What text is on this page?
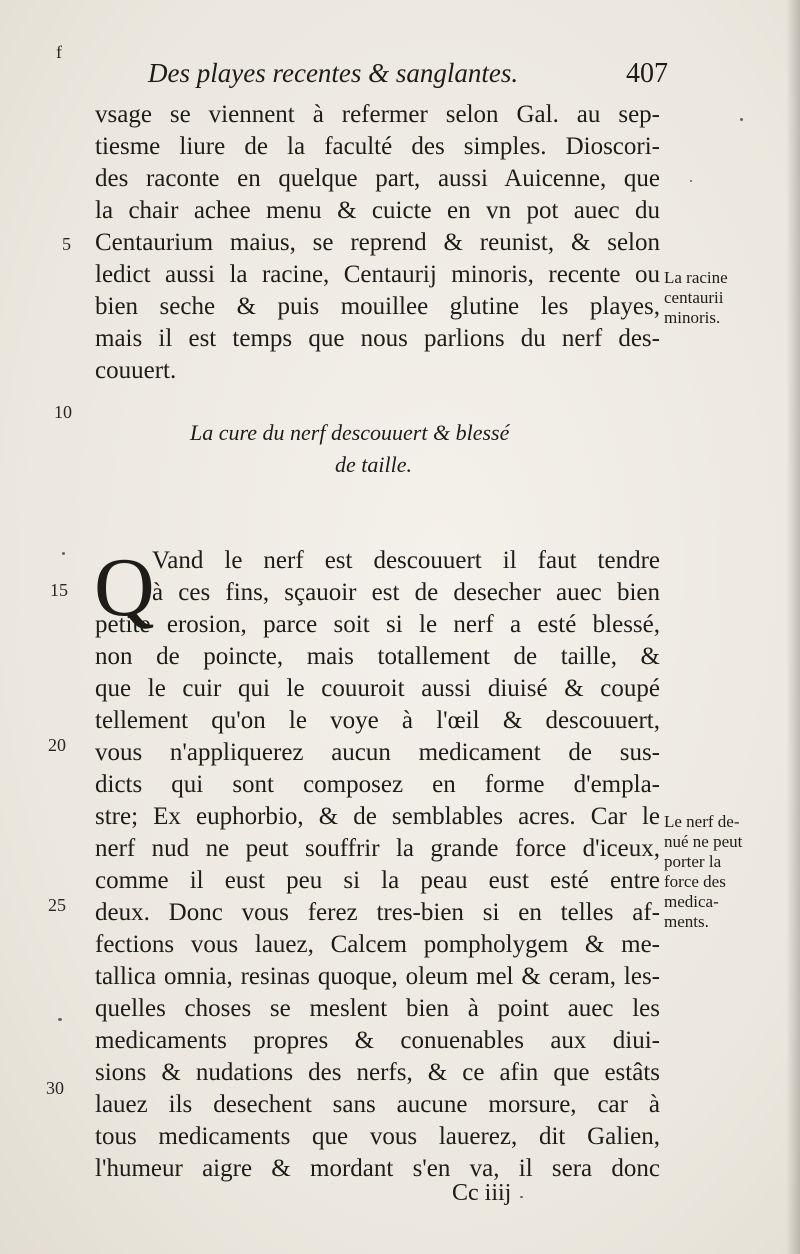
f
Des playes recentes & sanglantes.	407
vsage se viennent à refermer selon Gal. au sep-
tiesme liure de la faculté des simples. Dioscori-
des raconte en quelque part, aussi Auicenne, que
la chair achee menu & cuicte en vn pot auec du
Centaurium maius, se reprend & reunist, & selon
ledict aussi la racine, Centaurij minoris, recente ou
bien seche & puis mouillee glutine les playes,
mais il est temps que nous parlions du nerf des-
couuert.
La cure du nerf descouuert & blessé
de taille.
Q
Vand le nerf est descouuert il faut tendre
à ces fins, sçauoir est de desecher auec bien
petite erosion, parce soit si le nerf a esté blessé,
non de poincte, mais totallement de taille, &
que le cuir qui le couuroit aussi diuisé & coupé
tellement qu'on le voye à l'œil & descouuert,
vous n'appliquerez aucun medicament de sus-
dicts qui sont composez en forme d'empla-
stre; Ex euphorbio, & de semblables acres. Car le
nerf nud ne peut souffrir la grande force d'iceux,
comme il eust peu si la peau eust esté entre
deux. Donc vous ferez tres-bien si en telles af-
fections vous lauez, Calcem pompholygem & me-
tallica omnia, resinas quoque, oleum mel & ceram, les-
quelles choses se meslent bien à point auec les
medicaments propres & conuenables aux diui-
sions & nudations des nerfs, & ce afin que estâts
lauez ils desechent sans aucune morsure, car à
tous medicaments que vous lauerez, dit Galien,
l'humeur aigre & mordant s'en va, il sera donc
5
10
15
20
25
30
La racine
centaurii
minoris.
Le nerf de-
nué ne peut
porter la
force des
medica-
ments.
Cc iiij
